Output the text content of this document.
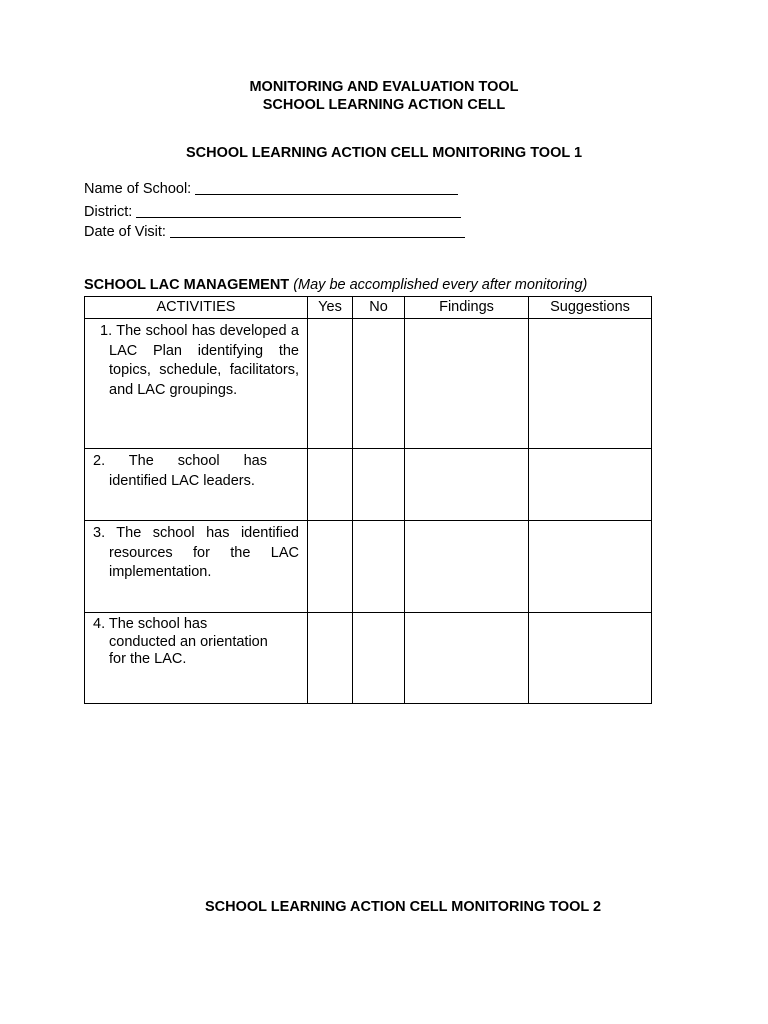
MONITORING AND EVALUATION TOOL
SCHOOL LEARNING ACTION CELL
SCHOOL LEARNING ACTION CELL MONITORING TOOL 1
Name of School:
District:
Date of Visit:
SCHOOL LAC MANAGEMENT (May be accomplished every after monitoring)
ACTIVITIES	Yes	No	Findings	Suggestions

1. The school has developed a LAC Plan identifying the topics, schedule, facilitators, and LAC groupings.				

2. The school has identified LAC leaders.				

3. The school has identified resources for the LAC implementation.				

4. The school has conducted an orientation for the LAC.				

SCHOOL LEARNING ACTION CELL MONITORING TOOL 2
